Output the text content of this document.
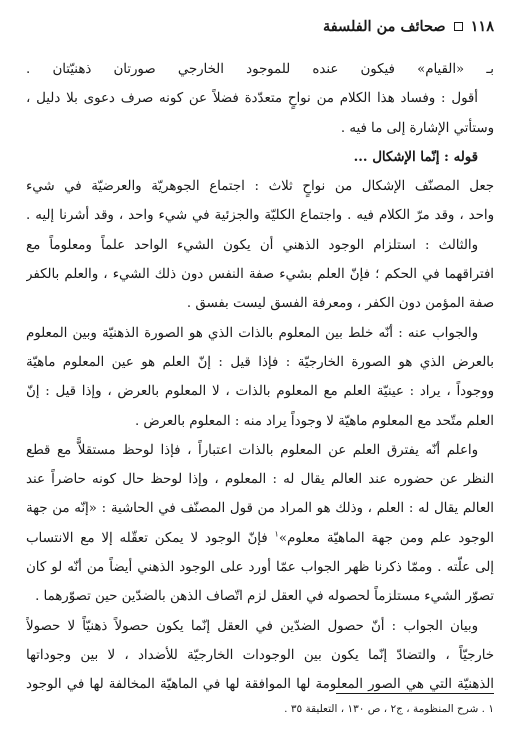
١١٨
صحائف من الفلسفة
بـ «القيام» فيكون عنده للموجود الخارجي صورتان ذهنيّتان .
أقول : وفساد هذا الكلام من نواحٍ متعدّدة فضلاً عن كونه صرف دعوى بلا دليل ،
وستأتي الإشارة إلى ما فيه .
قوله : إنّما الإشكال ...
جعل المصنّف الإشكال من نواحٍ ثلاث : اجتماع الجوهريّة والعرضيّة في شيء
واحد ، وقد مرّ الكلام فيه . واجتماع الكليّة والجزئية في شيء واحد ، وقد أشرنا إليه .
والثالث : استلزام الوجود الذهني أن يكون الشيء الواحد علماً ومعلوماً مع
افتراقهما في الحكم ؛ فإنّ العلم بشيء صفة النفس دون ذلك الشيء ، والعلم بالكفر
صفة المؤمن دون الكفر ، ومعرفة الفسق ليست بفسق .
والجواب عنه : أنّه خلط بين المعلوم بالذات الذي هو الصورة الذهنيّة وبين المعلوم
بالعرض الذي هو الصورة الخارجيّة : فإذا قيل : إنّ العلم هو عين المعلوم ماهيّة
ووجوداً ، يراد : عينيّة العلم مع المعلوم بالذات ، لا المعلوم بالعرض ، وإذا قيل : إنّ
العلم متّحد مع المعلوم ماهيّة لا وجوداً يراد منه : المعلوم بالعرض .
واعلم أنّه يفترق العلم عن المعلوم بالذات اعتباراً ، فإذا لوحظ مستقلاًّ مع قطع
النظر عن حضوره عند العالم يقال له : المعلوم ، وإذا لوحظ حال كونه حاضراً عند
العالم يقال له : العلم ، وذلك هو المراد من قول المصنّف في الحاشية : «إنّه من جهة
الوجود علم ومن جهة الماهيّة معلوم»$^١$ فإنّ الوجود لا يمكن تعقّله إلا مع الانتساب
إلى علّته . وممّا ذكرنا ظهر الجواب عمّا أورد على الوجود الذهني أيضاً من أنّه لو كان
تصوّر الشيء مستلزماً لحصوله في العقل لزم اتّصاف الذهن بالضدّين حين تصوّرهما .
وبيان الجواب : أنّ حصول الضدّين في العقل إنّما يكون حصولاً ذهنيّاً لا حصولاً
خارجيّاً ، والتضادّ إنّما يكون بين الوجودات الخارجيّة للأضداد ، لا بين وجوداتها
الذهنيّة التي هي الصور المعلومة لها الموافقة لها في الماهيّة المخالفة لها في الوجود
١ . شرح المنظومة ، ج٢ ، ص ١٣٠ ، التعليقة ٣٥ .
